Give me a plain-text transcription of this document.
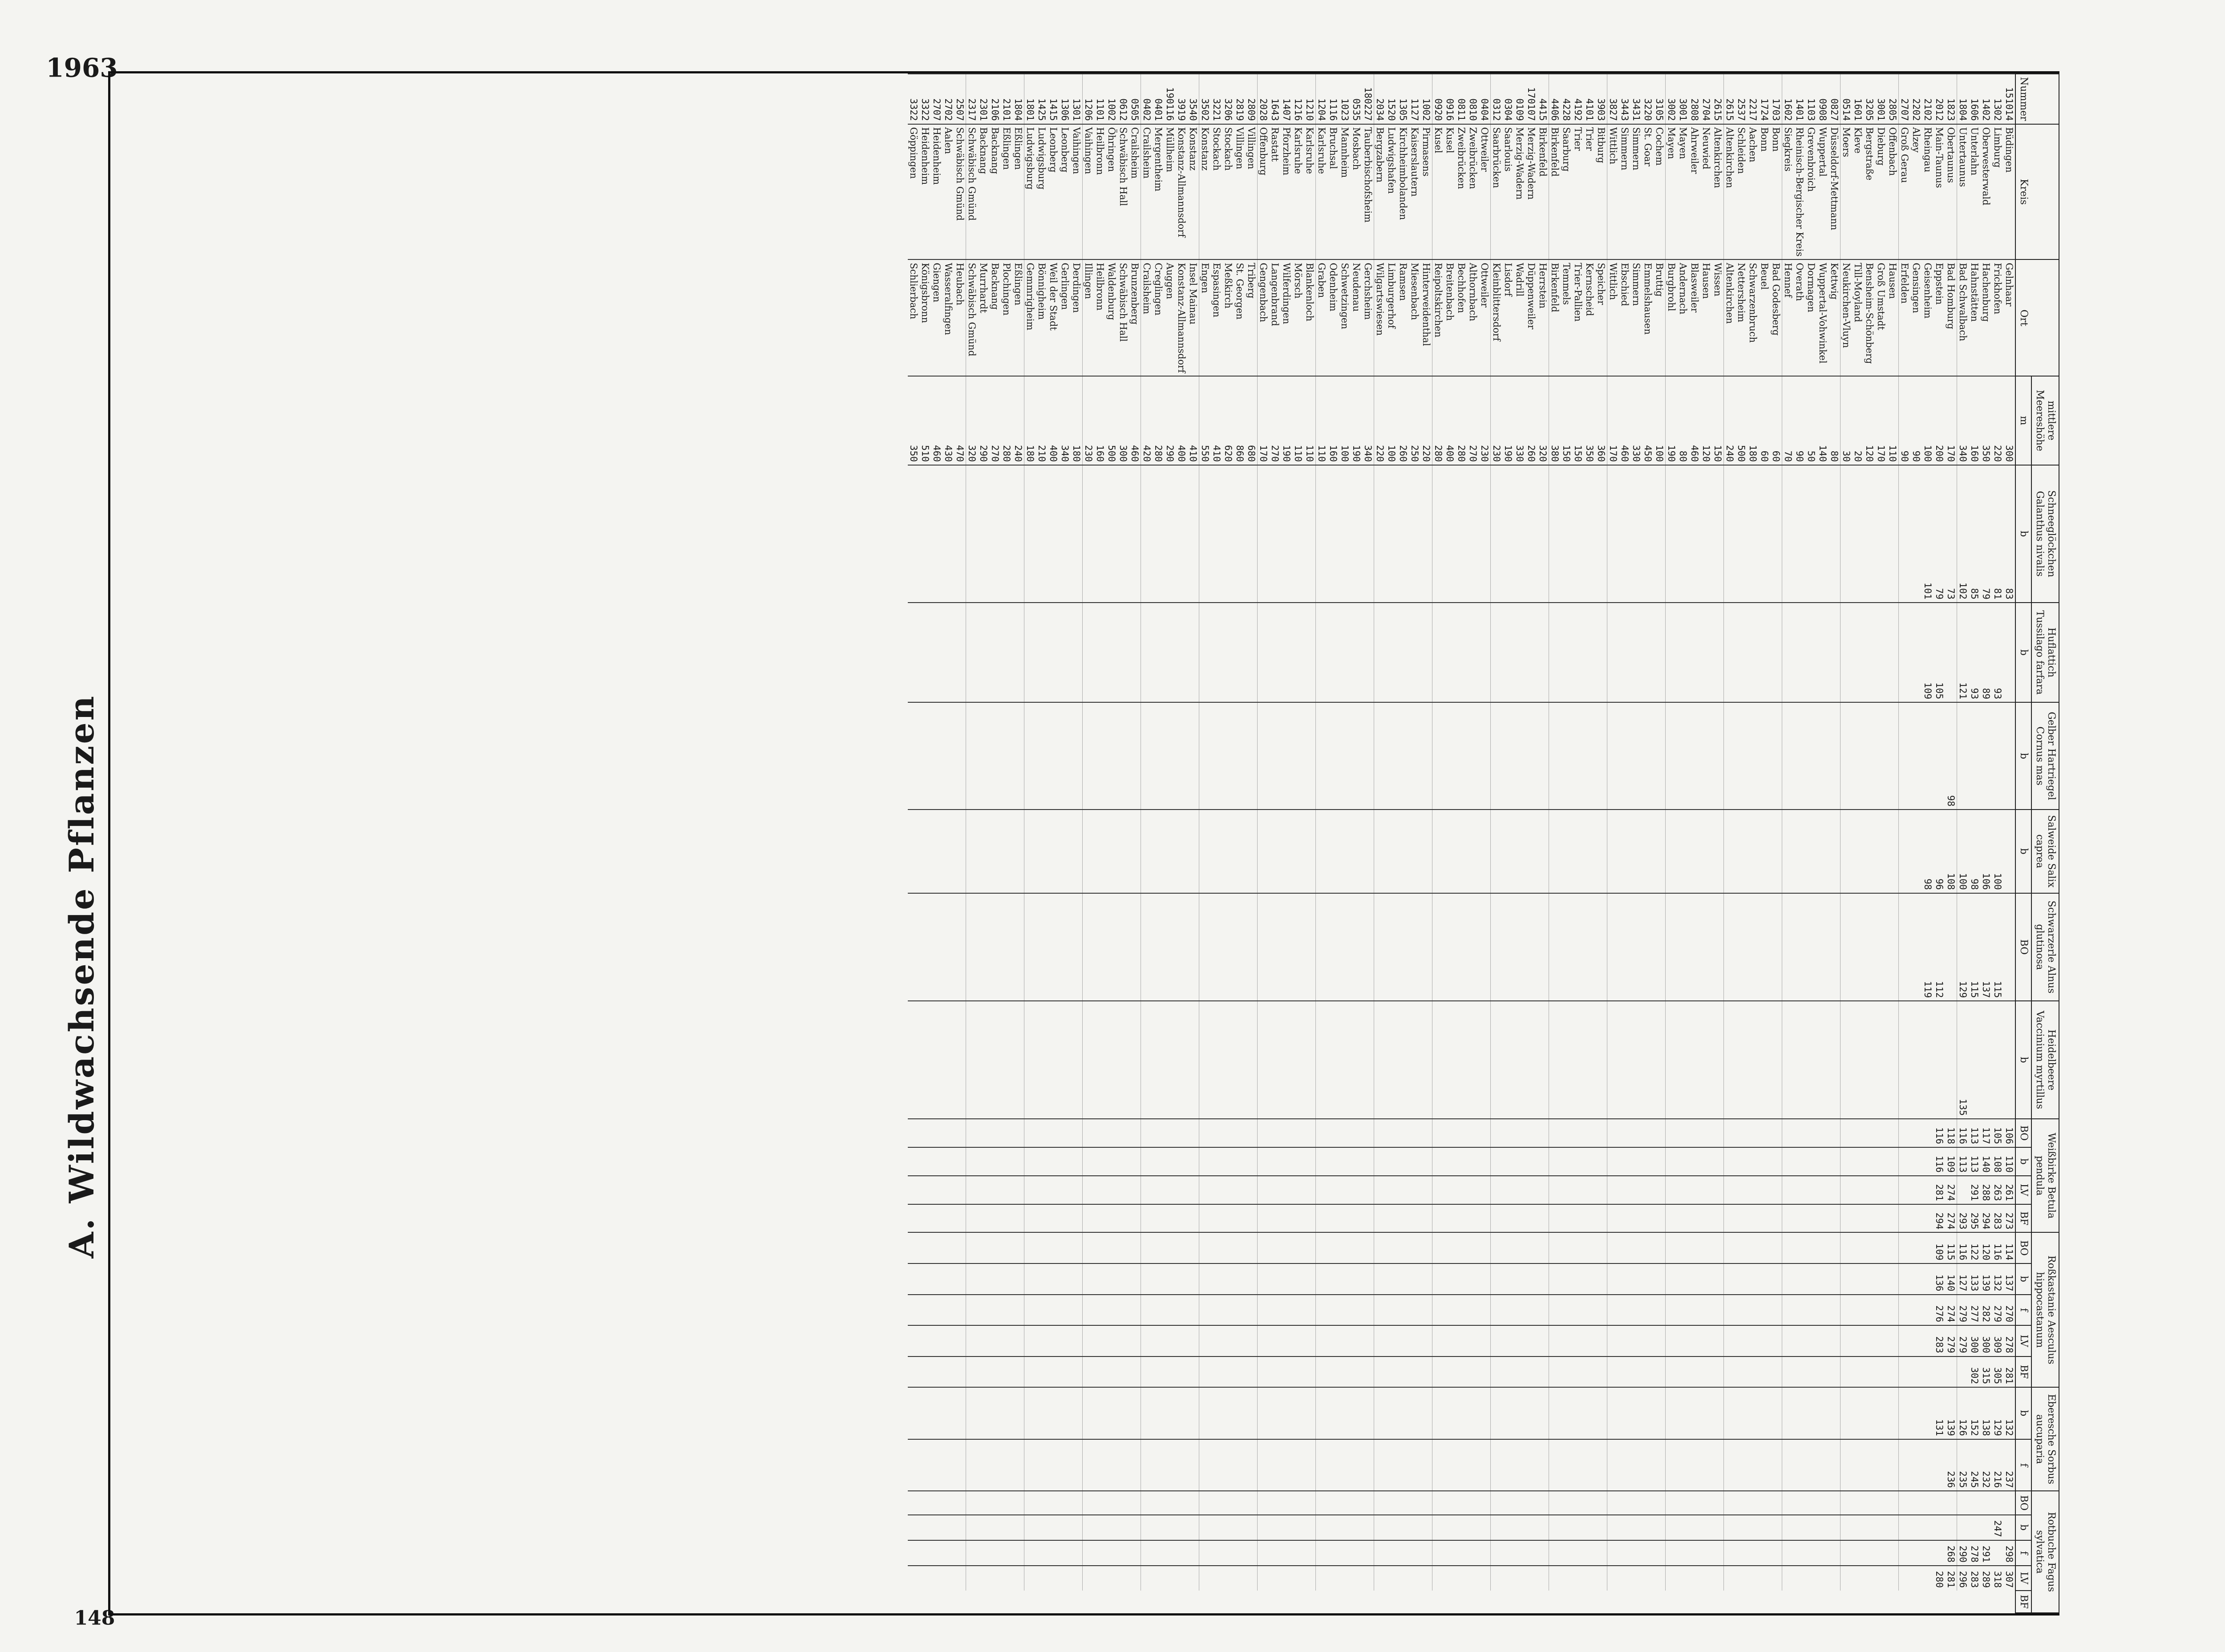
148
1963
A. Wildwachsende Pflanzen
Nummer	Kreis	Ort	mittlere Meereshöhe	Schneeglöckchen Galanthus nivalis	Huflattich Tussilago farfara	Gelber Hartriegel Cornus mas	Salweide Salix caprea	Schwarzerle Alnus glutinosa	Heidelbeere Vaccinium myrtillus	Weißbirke Betula pendula				Roßkastanie Aesculus hippocastanum					Eberesche Sorbus aucuparia		Rotbuche Fagus sylvatica				
			m	b	b	b	b	BO	b	BO	b	LV	BF	BO	b	f	LV	BF	b	f	BO	b	f	LV	BF
151014	Büdingen	Gelnhaar	300	83						106	110	261	273	114	137	270	278	281	132	237			298	307	
1302	Limburg	Frickhofen	220	81	93		100	115		105	108	263	283	116	132	279	309	305	129	216		247		318	
1402	Oberwesterwald	Hachenburg	350	79	89		106	137		117	140	288	294	120	139	282	300	315	138	232			291	289	
1606	Unterlahn	Hahnstätten	160	85	93		98	115		113	113	291	295	122	133	277	300	302	152	245			278	283	
1804	Untertaunus	Bad Schwalbach	340	102	121		100	129	135	116	113		293	116	127	279	279		126	235			290	296	
1823	Obertaunus	Bad Homburg	170	73		98	108			118	109	274	274	115	140	274	279		139	236			268	281	
2012	Main-Taunus	Eppstein	200	79	105		96	112		116	116	281	294	109	136	276	283		131					280	
2102	Rheingau	Geisenheim	100	101	109		98	119																	
2202	Alzey	Gensingen	90																						
2707	Groß Gerau	Erfelden	90																						
2805	Offenbach	Hausen	110																						
3001	Dieburg	Groß Umstadt	170																						
3205	Bergstraße	Bensheim-Schönberg	120																						
1601	Kleve	Till-Moyland	20																						
0514	Moers	Neukirchen-Vluyn	30																						
0827	Düsseldorf-Mettmann	Kettwig	80																						
0908	Wuppertal	Wuppertal-Vohwinkel	140																						
1103	Grevenbroich	Dormagen	50																						
1401	Rheinisch-Bergischer Kreis	Overath	90																						
1602	Siegkreis	Hennef	70																						
1703	Bonn	Bad Godesberg	60																						
1724	Bonn	Beuel	60																						
2217	Aachen	Schwarzenbruch	180																						
2537	Schleiden	Nettersheim	500																						
2615	Altenkirchen	Altenkirchen	240																						
2615	Altenkirchen	Wissen	150																						
2704	Neuwied	Hausen	120																						
2808	Ahrweiler	Blasweiler	460																						
3001	Mayen	Andernach	80																						
3002	Mayen	Burgbrohl	190																						
3105	Cochem	Bruttig	100																						
3220	St. Goar	Emmelshausen	450																						
3431	Simmern	Simmern	330																						
3443	Simmern	Ebschied	460																						
3827	Wittlich	Wittlich	170																						
3903	Bitburg	Speicher	360																						
4101	Trier	Kernscheid	350																						
4192	Trier	Trier-Pallien	150																						
4228	Saarburg	Temmels	150																						
4406	Birkenfeld	Birkenfeld	380																						
4415	Birkenfeld	Herrstein	320																						
170107	Merzig-Wadern	Düppenweiler	260																						
0109	Merzig-Wadern	Wadrill	330																						
0304	Saarlouis	Lisdorf	190																						
0312	Saarbrücken	Kleinblittersdorf	230																						
0404	Ottweiler	Ottweiler	230																						
0810	Zweibrücken	Althornbach	270																						
0811	Zweibrücken	Bechhofen	280																						
0916	Kusel	Breitenbach	400																						
0920	Kusel	Reipoltskirchen	280																						
1002	Pirmasens	Hinterweidenthal	220																						
1127	Kaiserslautern	Miesenbach	250																						
1305	Kirchheimbolanden	Ramsen	260																						
1520	Ludwigshafen	Limburgerhof	100																						
2034	Bergzabern	Wilgartswiesen	220																						
180227	Tauberbischofsheim	Gerchsheim	340																						
0535	Mosbach	Neudenau	190																						
1023	Mannheim	Schwetzingen	100																						
1116	Bruchsal	Odenheim	160																						
1204	Karlsruhe	Graben	110																						
1210	Karlsruhe	Blankenloch	110																						
1216	Karlsruhe	Mörsch	110																						
1407	Pforzheim	Wilferdingen	190																						
1643	Rastatt	Langenbrand	270																						
2028	Offenburg	Gengenbach	170																						
2809	Villingen	Triberg	680																						
2819	Villingen	St. Georgen	860																						
3206	Stockach	Meßkirch	620																						
3221	Stockach	Espasingen	410																						
3502	Konstanz	Engen	550																						
3540	Konstanz	Insel Mainau	410																						
3919	Konstanz-Allmannsdorf	Konstanz-Allmannsdorf	400																						
190116	Müllheim	Auggen	290																						
0401	Mergentheim	Creglingen	280																						
0402	Crailsheim	Crailsheim	420																						
0505	Crailsheim	Brunzenberg	460																						
0612	Schwäbisch Hall	Schwäbisch Hall	300																						
1002	Öhringen	Waldenburg	500																						
1101	Heilbronn	Heilbronn	160																						
1206	Vaihingen	Illingen	230																						
1301	Vaihingen	Derdingen	180																						
1306	Leonberg	Gerlingen	340																						
1415	Leonberg	Weil der Stadt	400																						
1425	Ludwigsburg	Bönnigheim	210																						
1801	Ludwigsburg	Gemmrigheim	180																						
1804	Eßlingen	Eßlingen	240																						
2101	Eßlingen	Plochingen	280																						
2106	Backnang	Backnang	270																						
2301	Backnang	Murrhardt	290																						
2317	Schwäbisch Gmünd	Schwäbisch Gmünd	320																						
2507	Schwäbisch Gmünd	Heubach	470																						
2702	Aalen	Wasseralfingen	430																						
2707	Heidenheim	Giengen	460																						
3322	Heidenheim	Königsbronn	510																						
3322	Göppingen	Schlierbach	350																						
